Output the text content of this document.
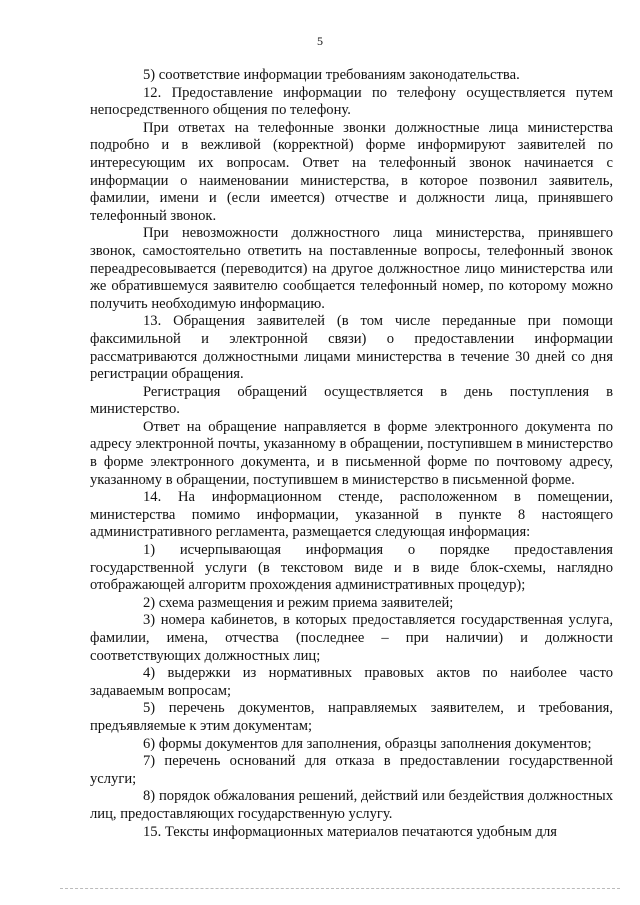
5

5) соответствие информации требованиям законодательства.

12. Предоставление информации по телефону осуществляется путем непосредственного общения по телефону.

При ответах на телефонные звонки должностные лица министерства подробно и в вежливой (корректной) форме информируют заявителей по интересующим их вопросам. Ответ на телефонный звонок начинается с информации о наименовании министерства, в которое позвонил заявитель, фамилии, имени и (если имеется) отчестве и должности лица, принявшего телефонный звонок.

При невозможности должностного лица министерства, принявшего звонок, самостоятельно ответить на поставленные вопросы, телефонный звонок переадресовывается (переводится) на другое должностное лицо министерства или же обратившемуся заявителю сообщается телефонный номер, по которому можно получить необходимую информацию.

13. Обращения заявителей (в том числе переданные при помощи факсимильной и электронной связи) о предоставлении информации рассматриваются должностными лицами министерства в течение 30 дней со дня регистрации обращения.

Регистрация обращений осуществляется в день поступления в министерство.

Ответ на обращение направляется в форме электронного документа по адресу электронной почты, указанному в обращении, поступившем в министерство в форме электронного документа, и в письменной форме по почтовому адресу, указанному в обращении, поступившем в министерство в письменной форме.

14. На информационном стенде, расположенном в помещении, министерства помимо информации, указанной в пункте 8 настоящего административного регламента, размещается следующая информация:

1) исчерпывающая информация о порядке предоставления государственной услуги (в текстовом виде и в виде блок-схемы, наглядно отображающей алгоритм прохождения административных процедур);

2) схема размещения и режим приема заявителей;

3) номера кабинетов, в которых предоставляется государственная услуга, фамилии, имена, отчества (последнее – при наличии) и должности соответствующих должностных лиц;

4) выдержки из нормативных правовых актов по наиболее часто задаваемым вопросам;

5) перечень документов, направляемых заявителем, и требования, предъявляемые к этим документам;

6) формы документов для заполнения, образцы заполнения документов;

7) перечень оснований для отказа в предоставлении государственной услуги;

8) порядок обжалования решений, действий или бездействия должностных лиц, предоставляющих государственную услугу.

15. Тексты информационных материалов печатаются удобным для
